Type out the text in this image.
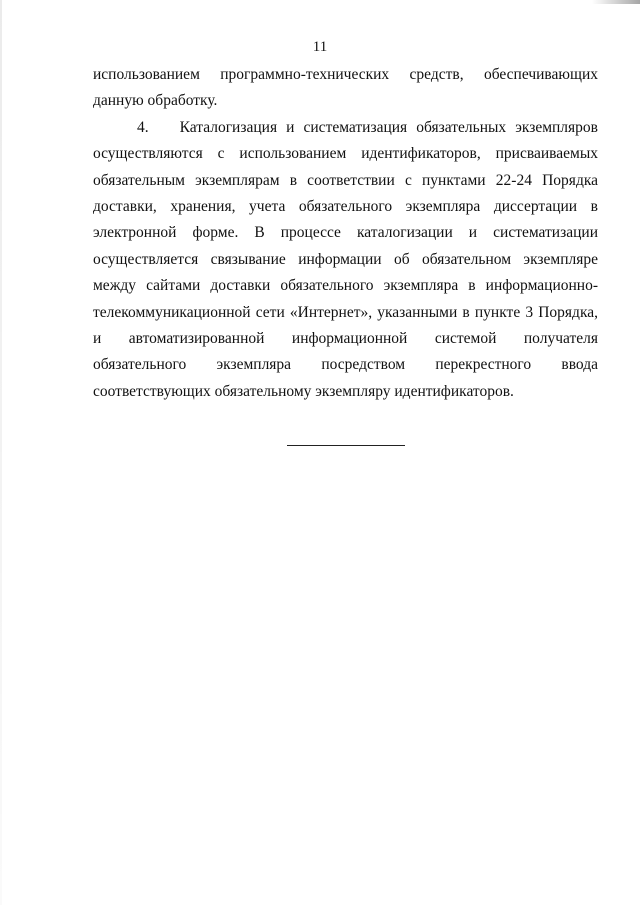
11

использованием программно-технических средств, обеспечивающих данную обработку.

4.  Каталогизация и систематизация обязательных экземпляров осуществляются с использованием идентификаторов, присваиваемых обязательным экземплярам в соответствии с пунктами 22-24 Порядка доставки, хранения, учета обязательного экземпляра диссертации в электронной форме. В процессе каталогизации и систематизации осуществляется связывание информации об обязательном экземпляре между сайтами доставки обязательного экземпляра в информационно-телекоммуникационной сети «Интернет», указанными в пункте 3 Порядка, и автоматизированной информационной системой получателя обязательного экземпляра посредством перекрестного ввода соответствующих обязательному экземпляру идентификаторов.
